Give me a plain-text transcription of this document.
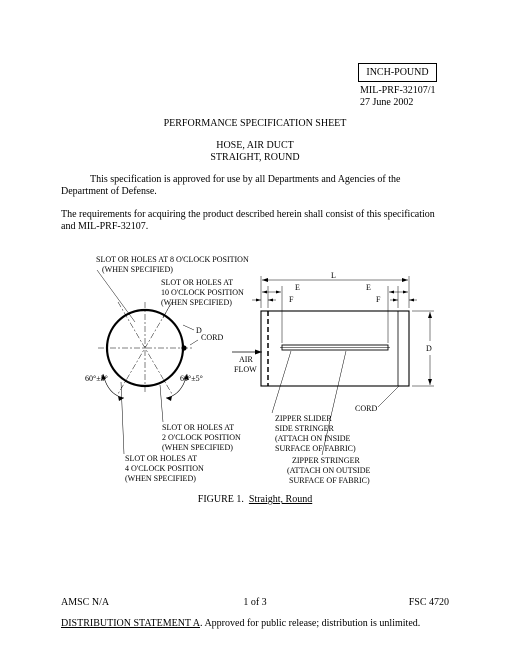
INCH-POUND
MIL-PRF-32107/1
27 June 2002
PERFORMANCE SPECIFICATION SHEET
HOSE, AIR DUCT
STRAIGHT, ROUND
This specification is approved for use by all Departments and Agencies of the
Department of Defense.
The requirements for acquiring the product described herein shall consist of this specification
and MIL-PRF-32107.
SLOT OR HOLES AT 8 O'CLOCK POSITION
(WHEN SPECIFIED)
SLOT OR HOLES AT
10 O'CLOCK POSITION
(WHEN SPECIFIED)
D
CORD
60°±5°	60°±5°
SLOT OR HOLES AT
2 O'CLOCK POSITION
(WHEN SPECIFIED)
SLOT OR HOLES AT
4 O'CLOCK POSITION
(WHEN SPECIFIED)
L
E	E
F	F
D
AIR
FLOW
CORD
ZIPPER SLIDER
SIDE STRINGER
(ATTACH ON INSIDE
SURFACE OF FABRIC)
ZIPPER STRINGER
(ATTACH ON OUTSIDE
SURFACE OF FABRIC)
FIGURE 1. Straight, Round
AMSC N/A	1 of 3	FSC 4720
DISTRIBUTION STATEMENT A. Approved for public release; distribution is unlimited.
